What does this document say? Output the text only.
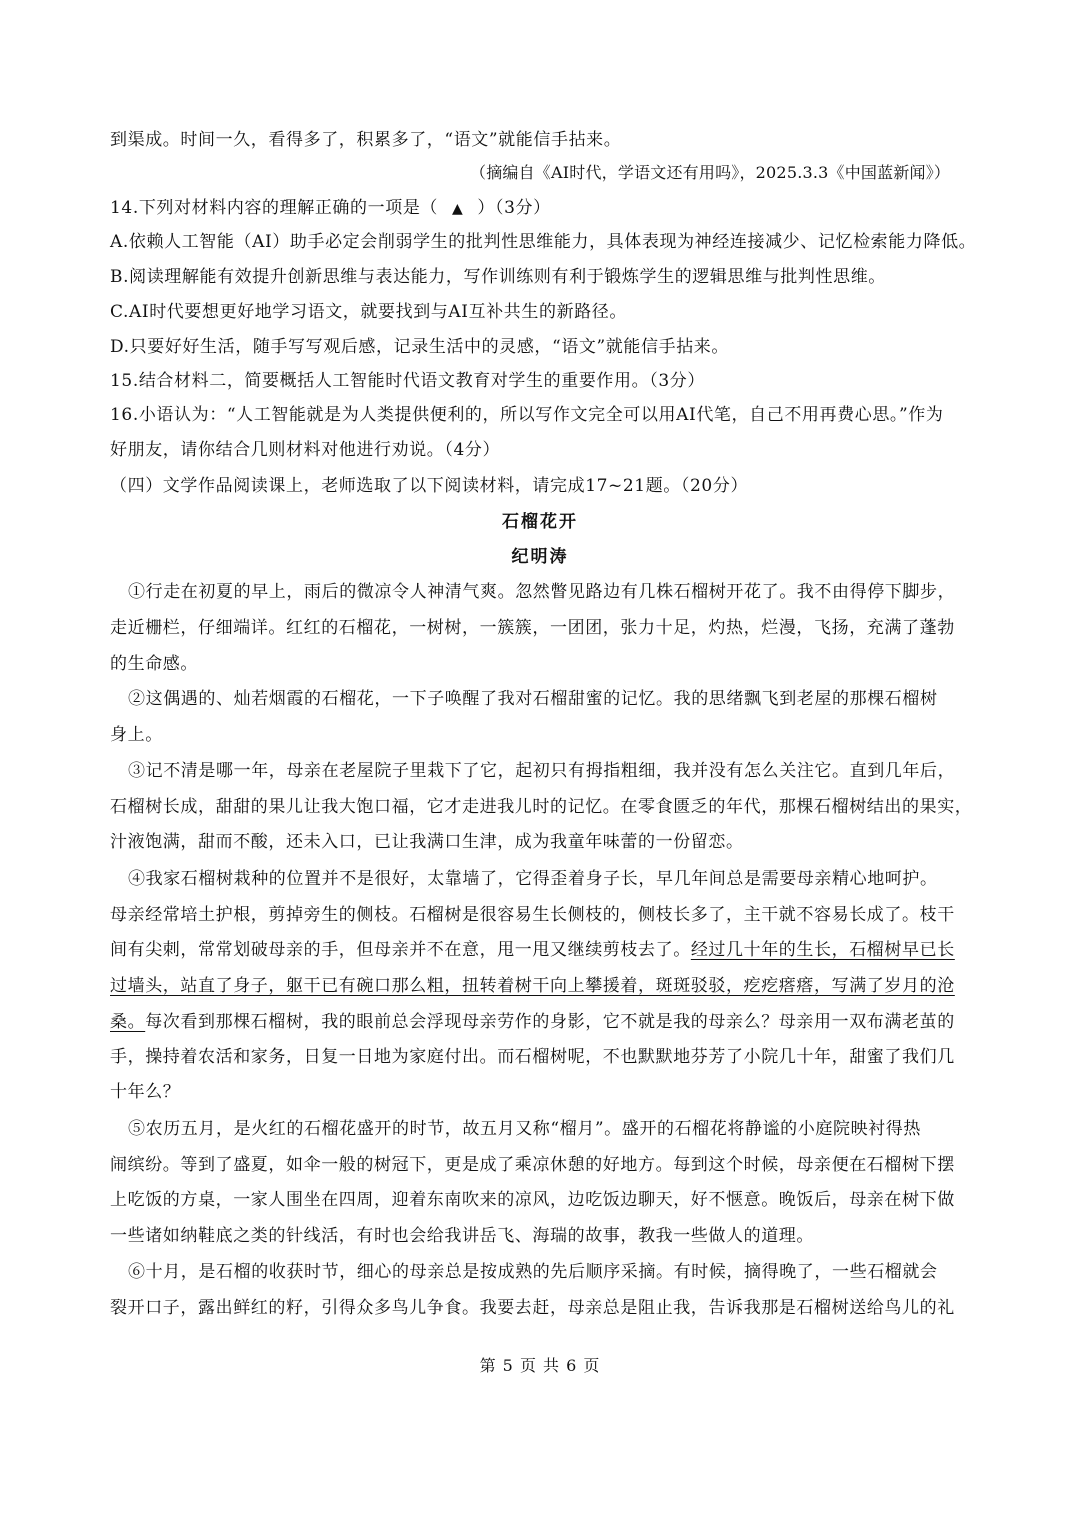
到渠成。时间一久，看得多了，积累多了，“语文”就能信手拈来。

（摘编自《AI时代，学语文还有用吗》，2025.3.3《中国蓝新闻》）

14.下列对材料内容的理解正确的一项是（ ▲ ）（3分）

A.依赖人工智能（AI）助手必定会削弱学生的批判性思维能力，具体表现为神经连接减少、记忆检索能力降低。

B.阅读理解能有效提升创新思维与表达能力，写作训练则有利于锻炼学生的逻辑思维与批判性思维。

C.AI时代要想更好地学习语文，就要找到与AI互补共生的新路径。

D.只要好好生活，随手写写观后感，记录生活中的灵感，“语文”就能信手拈来。

15.结合材料二，简要概括人工智能时代语文教育对学生的重要作用。（3分）

16.小语认为：“人工智能就是为人类提供便利的，所以写作文完全可以用AI代笔，自己不用再费心思。”作为

好朋友，请你结合几则材料对他进行劝说。（4分）

（四）文学作品阅读课上，老师选取了以下阅读材料，请完成17~21题。（20分）

石榴花开

纪明涛

①行走在初夏的早上，雨后的微凉令人神清气爽。忽然瞥见路边有几株石榴树开花了。我不由得停下脚步，

走近栅栏，仔细端详。红红的石榴花，一树树，一簇簇，一团团，张力十足，灼热，烂漫，飞扬，充满了蓬勃

的生命感。

②这偶遇的、灿若烟霞的石榴花，一下子唤醒了我对石榴甜蜜的记忆。我的思绪飘飞到老屋的那棵石榴树

身上。

③记不清是哪一年，母亲在老屋院子里栽下了它，起初只有拇指粗细，我并没有怎么关注它。直到几年后，

石榴树长成，甜甜的果儿让我大饱口福，它才走进我儿时的记忆。在零食匮乏的年代，那棵石榴树结出的果实，

汁液饱满，甜而不酸，还未入口，已让我满口生津，成为我童年味蕾的一份留恋。

④我家石榴树栽种的位置并不是很好，太靠墙了，它得歪着身子长，早几年间总是需要母亲精心地呵护。

母亲经常培土护根，剪掉旁生的侧枝。石榴树是很容易生长侧枝的，侧枝长多了，主干就不容易长成了。枝干

间有尖刺，常常划破母亲的手，但母亲并不在意，甩一甩又继续剪枝去了。经过几十年的生长，石榴树早已长

过墙头，站直了身子，躯干已有碗口那么粗，扭转着树干向上攀援着，斑斑驳驳，疙疙瘩瘩，写满了岁月的沧

桑。每次看到那棵石榴树，我的眼前总会浮现母亲劳作的身影，它不就是我的母亲么？母亲用一双布满老茧的

手，操持着农活和家务，日复一日地为家庭付出。而石榴树呢，不也默默地芬芳了小院几十年，甜蜜了我们几

十年么？

⑤农历五月，是火红的石榴花盛开的时节，故五月又称“榴月”。盛开的石榴花将静谧的小庭院映衬得热

闹缤纷。等到了盛夏，如伞一般的树冠下，更是成了乘凉休憩的好地方。每到这个时候，母亲便在石榴树下摆

上吃饭的方桌，一家人围坐在四周，迎着东南吹来的凉风，边吃饭边聊天，好不惬意。晚饭后，母亲在树下做

一些诸如纳鞋底之类的针线活，有时也会给我讲岳飞、海瑞的故事，教我一些做人的道理。

⑥十月，是石榴的收获时节，细心的母亲总是按成熟的先后顺序采摘。有时候，摘得晚了，一些石榴就会

裂开口子，露出鲜红的籽，引得众多鸟儿争食。我要去赶，母亲总是阻止我，告诉我那是石榴树送给鸟儿的礼

第 5 页 共 6 页
